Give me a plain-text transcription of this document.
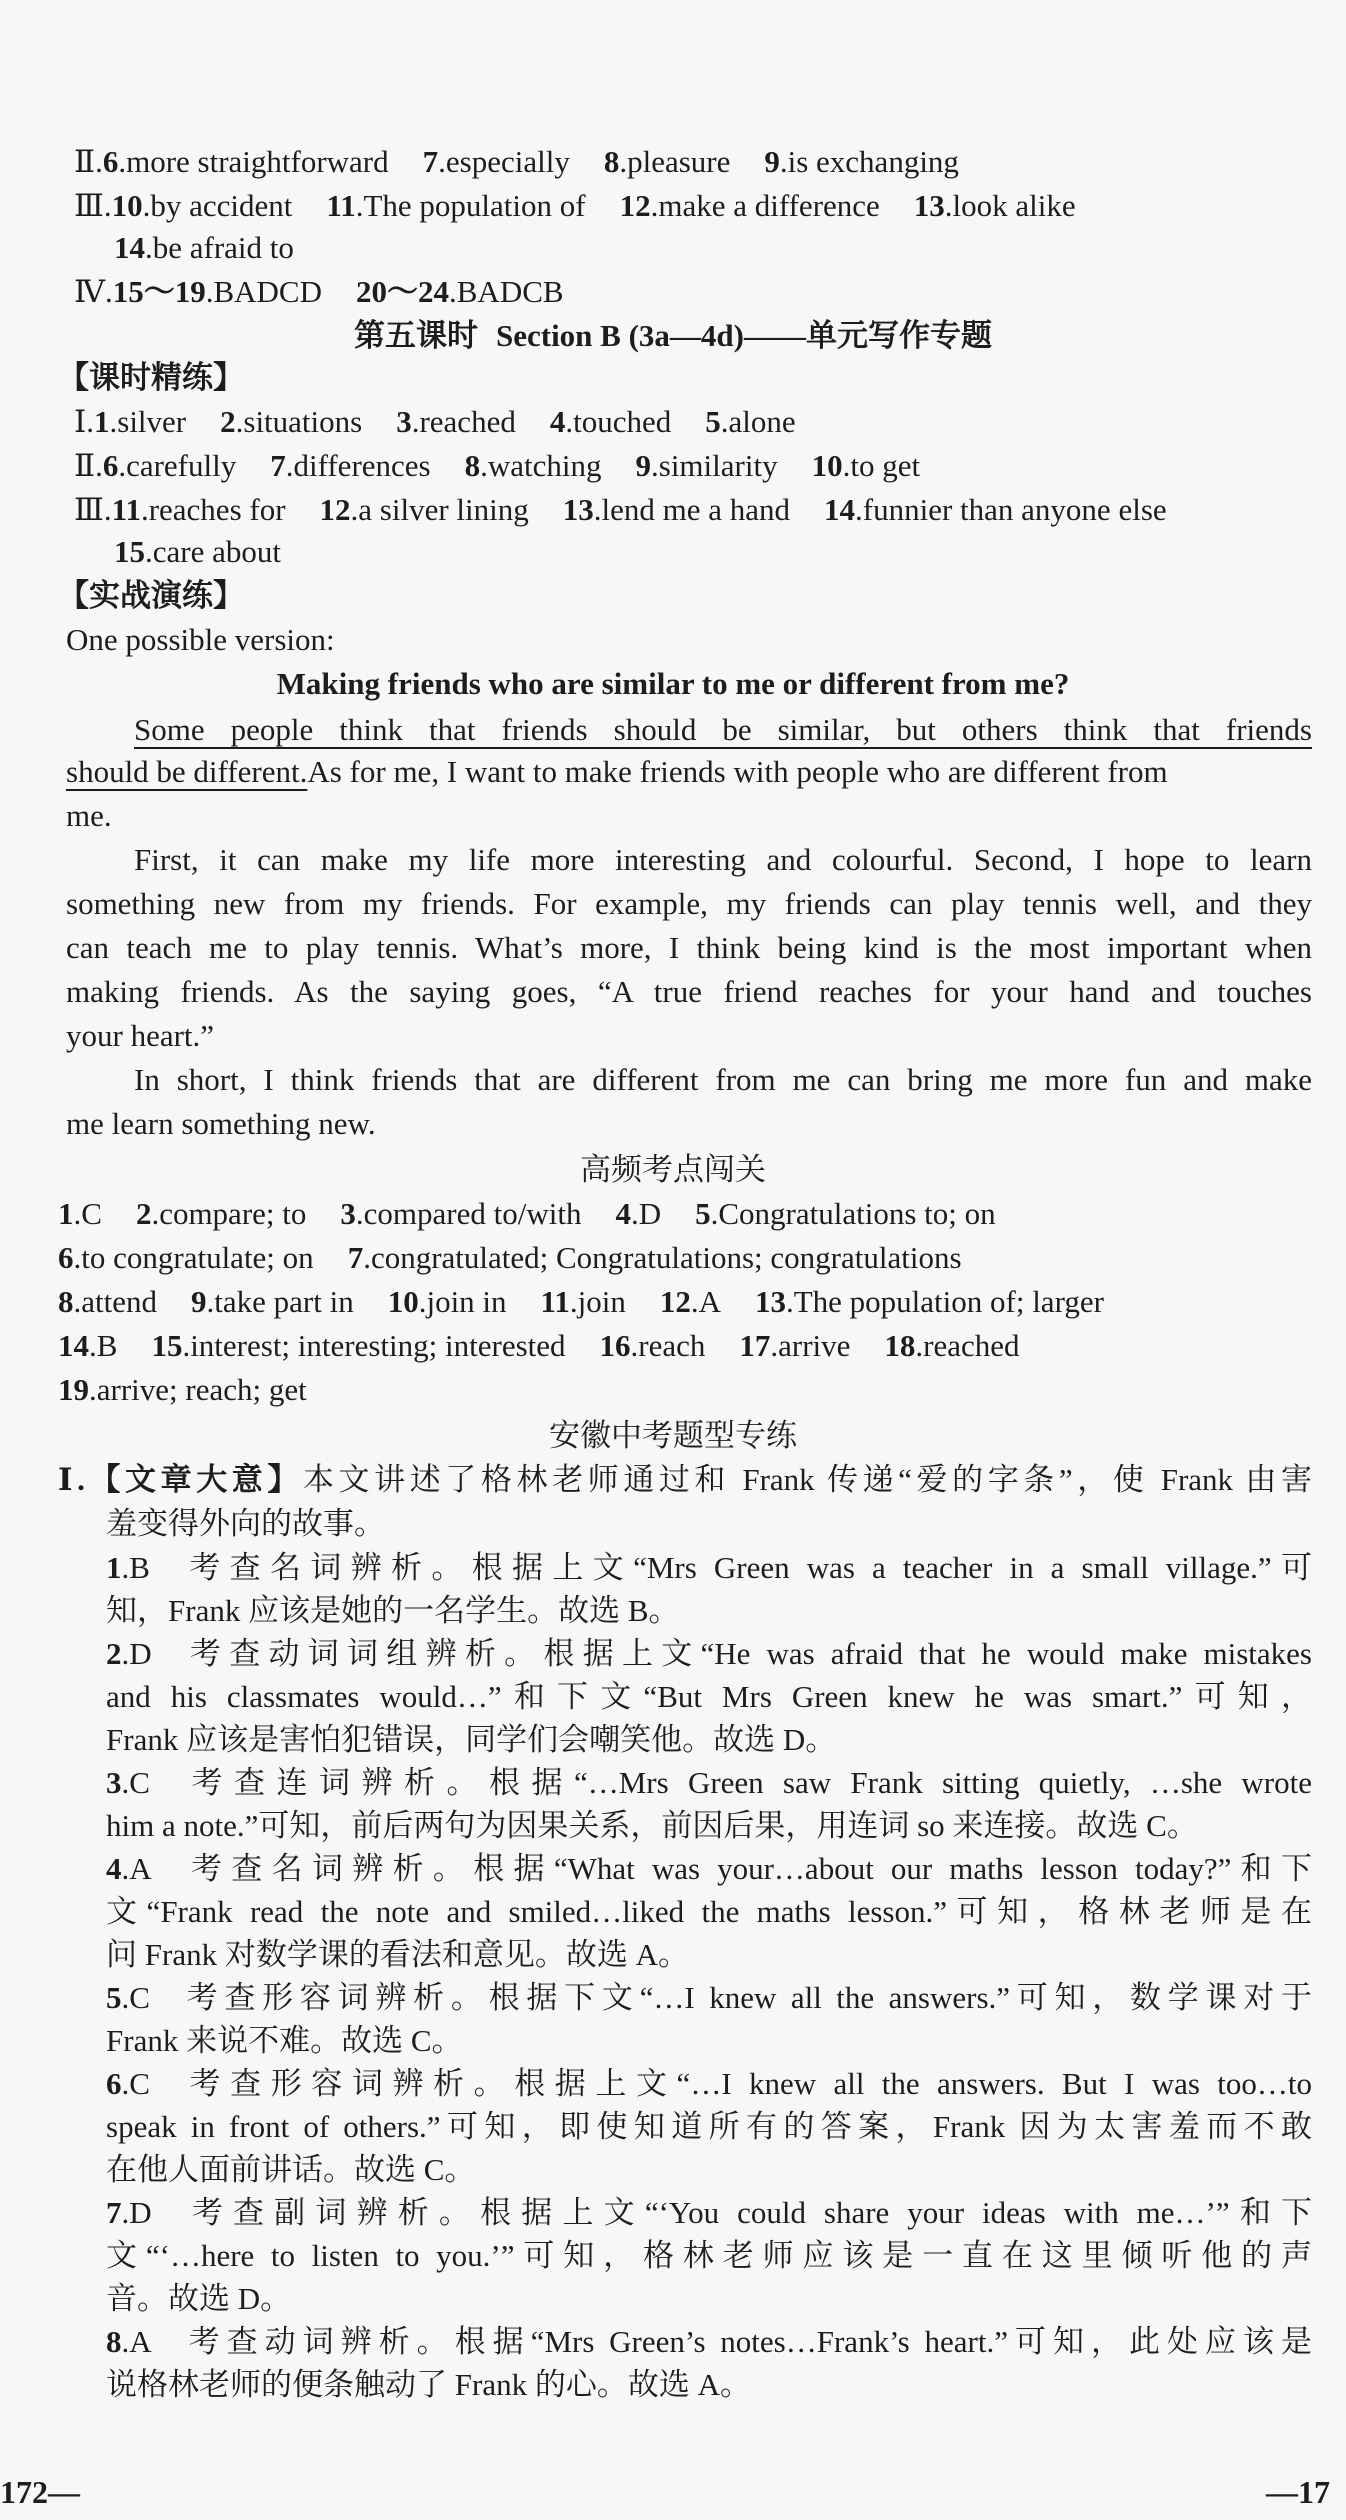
Ⅱ.6.more straightforward 7.especially 8.pleasure 9.is exchanging
Ⅲ.10.by accident 11.The population of 12.make a difference 13.look alike
14.be afraid to
Ⅳ.15～19.BADCD 20～24.BADCB
第五课时 Section B (3a—4d)——单元写作专题
【课时精练】
Ⅰ.1.silver 2.situations 3.reached 4.touched 5.alone
Ⅱ.6.carefully 7.differences 8.watching 9.similarity 10.to get
Ⅲ.11.reaches for 12.a silver lining 13.lend me a hand 14.funnier than anyone else
15.care about
【实战演练】
One possible version:
Making friends who are similar to me or different from me?
Some people think that friends should be similar, but others think that friends
should be different.As for me, I want to make friends with people who are different from
me.
First, it can make my life more interesting and colourful. Second, I hope to learn
something new from my friends. For example, my friends can play tennis well, and they
can teach me to play tennis. What’s more, I think being kind is the most important when
making friends. As the saying goes, “A true friend reaches for your hand and touches
your heart.”
In short, I think friends that are different from me can bring me more fun and make
me learn something new.
高频考点闯关
1.C 2.compare; to 3.compared to/with 4.D 5.Congratulations to; on
6.to congratulate; on 7.congratulated; Congratulations; congratulations
8.attend 9.take part in 10.join in 11.join 12.A 13.The population of; larger
14.B 15.interest; interesting; interested 16.reach 17.arrive 18.reached
19.arrive; reach; get
安徽中考题型专练
Ⅰ.【文章大意】本文讲述了格林老师通过和 Frank 传递“爱的字条”，使 Frank 由害
羞变得外向的故事。
1.B 考查名词辨析。根据上文“Mrs Green was a teacher in a small village.”可
知，Frank 应该是她的一名学生。故选 B。
2.D 考查动词词组辨析。根据上文“He was afraid that he would make mistakes
and his classmates would…”和下文“But Mrs Green knew he was smart.”可知，
Frank 应该是害怕犯错误，同学们会嘲笑他。故选 D。
3.C 考查连词辨析。根据“…Mrs Green saw Frank sitting quietly, …she wrote
him a note.”可知，前后两句为因果关系，前因后果，用连词 so 来连接。故选 C。
4.A 考查名词辨析。根据“What was your…about our maths lesson today?”和下
文“Frank read the note and smiled…liked the maths lesson.”可知，格林老师是在
问 Frank 对数学课的看法和意见。故选 A。
5.C 考查形容词辨析。根据下文“…I knew all the answers.”可知，数学课对于
Frank 来说不难。故选 C。
6.C 考查形容词辨析。根据上文“…I knew all the answers. But I was too…to
speak in front of others.”可知，即使知道所有的答案，Frank 因为太害羞而不敢
在他人面前讲话。故选 C。
7.D 考查副词辨析。根据上文“‘You could share your ideas with me…’”和下
文“‘…here to listen to you.’”可知，格林老师应该是一直在这里倾听他的声
音。故选 D。
8.A 考查动词辨析。根据“Mrs Green’s notes…Frank’s heart.”可知，此处应该是
说格林老师的便条触动了 Frank 的心。故选 A。
172—	—17
